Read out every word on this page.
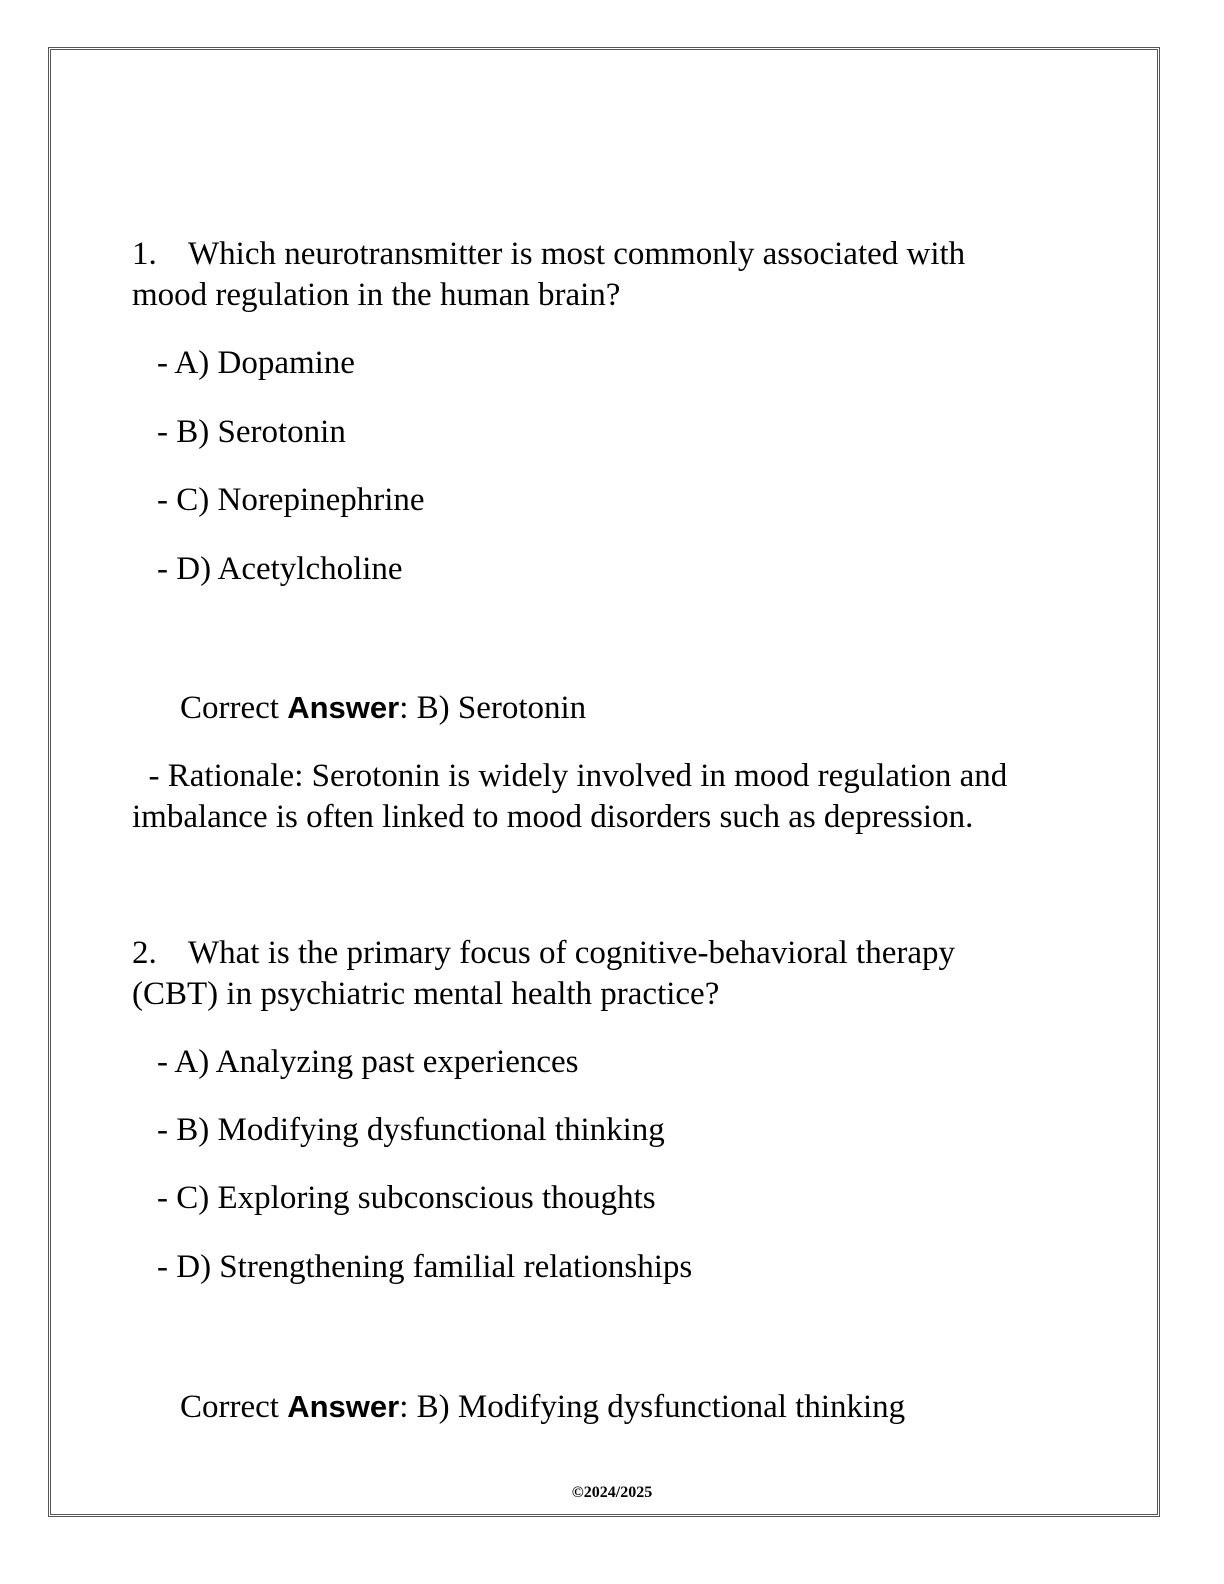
1. Which neurotransmitter is most commonly associated with
mood regulation in the human brain?
- A) Dopamine
- B) Serotonin
- C) Norepinephrine
- D) Acetylcholine
Correct Answer: B) Serotonin
- Rationale: Serotonin is widely involved in mood regulation and
imbalance is often linked to mood disorders such as depression.
2. What is the primary focus of cognitive-behavioral therapy
(CBT) in psychiatric mental health practice?
- A) Analyzing past experiences
- B) Modifying dysfunctional thinking
- C) Exploring subconscious thoughts
- D) Strengthening familial relationships
Correct Answer: B) Modifying dysfunctional thinking
©2024/2025
